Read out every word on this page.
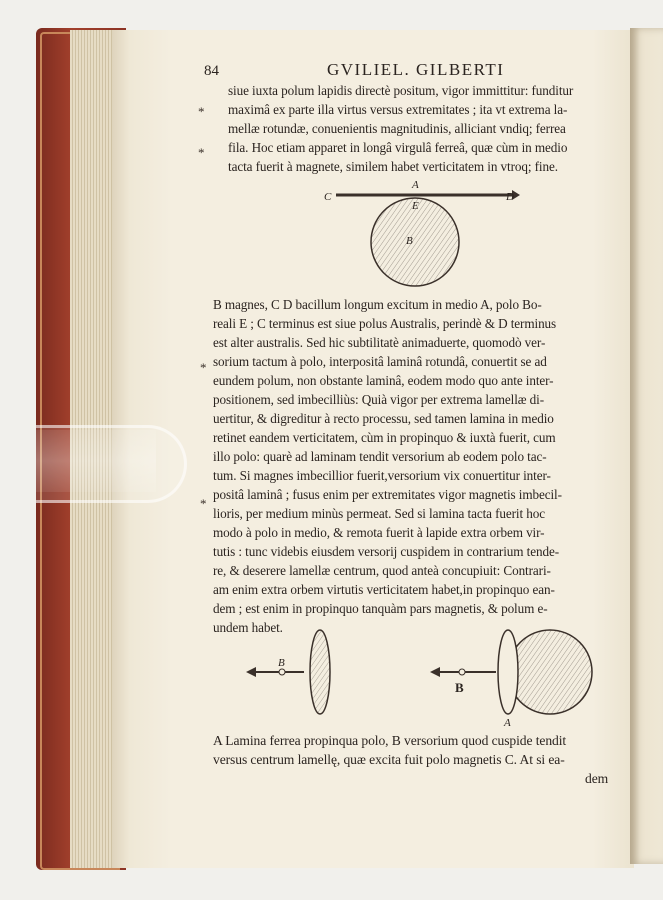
84	GVILIEL. GILBERTI
siue iuxta polum lapidis directè positum, vigor immittitur: funditur
maximâ ex parte illa virtus versus extremitates ; ita vt extrema la-
mellæ rotundæ, conuenientis magnitudinis, alliciant vndiq; ferrea
fila. Hoc etiam apparet in longâ virgulâ ferreâ, quæ cùm in medio
tacta fuerit à magnete, similem habet verticitatem in vtroq; fine.
*
*
A
C	D
E
B
B magnes, C D bacillum longum excitum in medio A, polo Bo-
reali E ; C terminus est siue polus Australis, perindè & D terminus
est alter australis. Sed hic subtilitatè animaduerte, quomodò ver-
sorium tactum à polo, interpositâ laminâ rotundâ, conuertit se ad
eundem polum, non obstante laminâ, eodem modo quo ante inter-
positionem, sed imbecilliùs: Quià vigor per extrema lamellæ di-
uertitur, & digreditur à recto processu, sed tamen lamina in medio
retinet eandem verticitatem, cùm in propinquo & iuxtà fuerit, cum
illo polo: quarè ad laminam tendit versorium ab eodem polo tac-
tum. Si magnes imbecillior fuerit,versorium vix conuertitur inter-
positâ laminâ ; fusus enim per extremitates vigor magnetis imbecil-
lioris, per medium minùs permeat. Sed si lamina tacta fuerit hoc
modo à polo in medio, & remota fuerit à lapide extra orbem vir-
tutis : tunc videbis eiusdem versorij cuspidem in contrarium tende-
re, & deserere lamellæ centrum, quod anteà concupiuit: Contrari-
am enim extra orbem virtutis verticitatem habet,in propinquo ean-
dem ; est enim in propinquo tanquàm pars magnetis, & polum e-
undem habet.
*
*
B
B
A
A Lamina ferrea propinqua polo, B versorium quod cuspide tendit
versus centrum lamellę, quæ excita fuit polo magnetis C. At si ea-
dem
